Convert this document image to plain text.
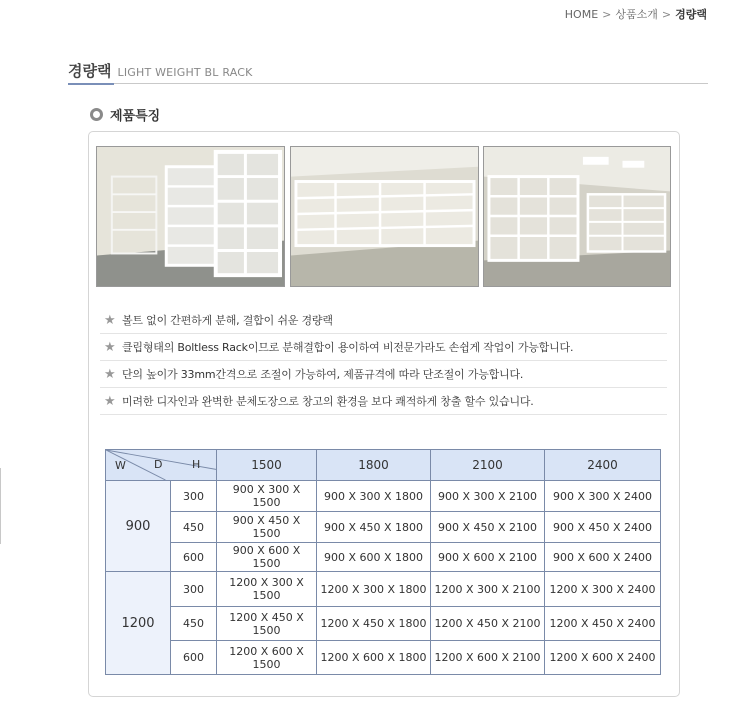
HOME > 상품소개 > 경량랙
경량랙 LIGHT WEIGHT BL RACK
제품특징
★ 볼트 없이 간편하게 분해, 결합이 쉬운 경량랙
★ 클립형태의 Boltless Rack이므로 분해결합이 용이하여 비전문가라도 손쉽게 작업이 가능합니다.
★ 단의 높이가 33mm간격으로 조절이 가능하여, 제품규격에 따라 단조절이 가능합니다.
★ 미려한 디자인과 완벽한 분체도장으로 창고의 환경을 보다 쾌적하게 창출 할수 있습니다.
W D H		1500	1800	2100	2400
900	300	900 X 300 X 1500	900 X 300 X 1800	900 X 300 X 2100	900 X 300 X 2400
	450	900 X 450 X 1500	900 X 450 X 1800	900 X 450 X 2100	900 X 450 X 2400
	600	900 X 600 X 1500	900 X 600 X 1800	900 X 600 X 2100	900 X 600 X 2400
1200	300	1200 X 300 X 1500	1200 X 300 X 1800	1200 X 300 X 2100	1200 X 300 X 2400
	450	1200 X 450 X 1500	1200 X 450 X 1800	1200 X 450 X 2100	1200 X 450 X 2400
	600	1200 X 600 X 1500	1200 X 600 X 1800	1200 X 600 X 2100	1200 X 600 X 2400
